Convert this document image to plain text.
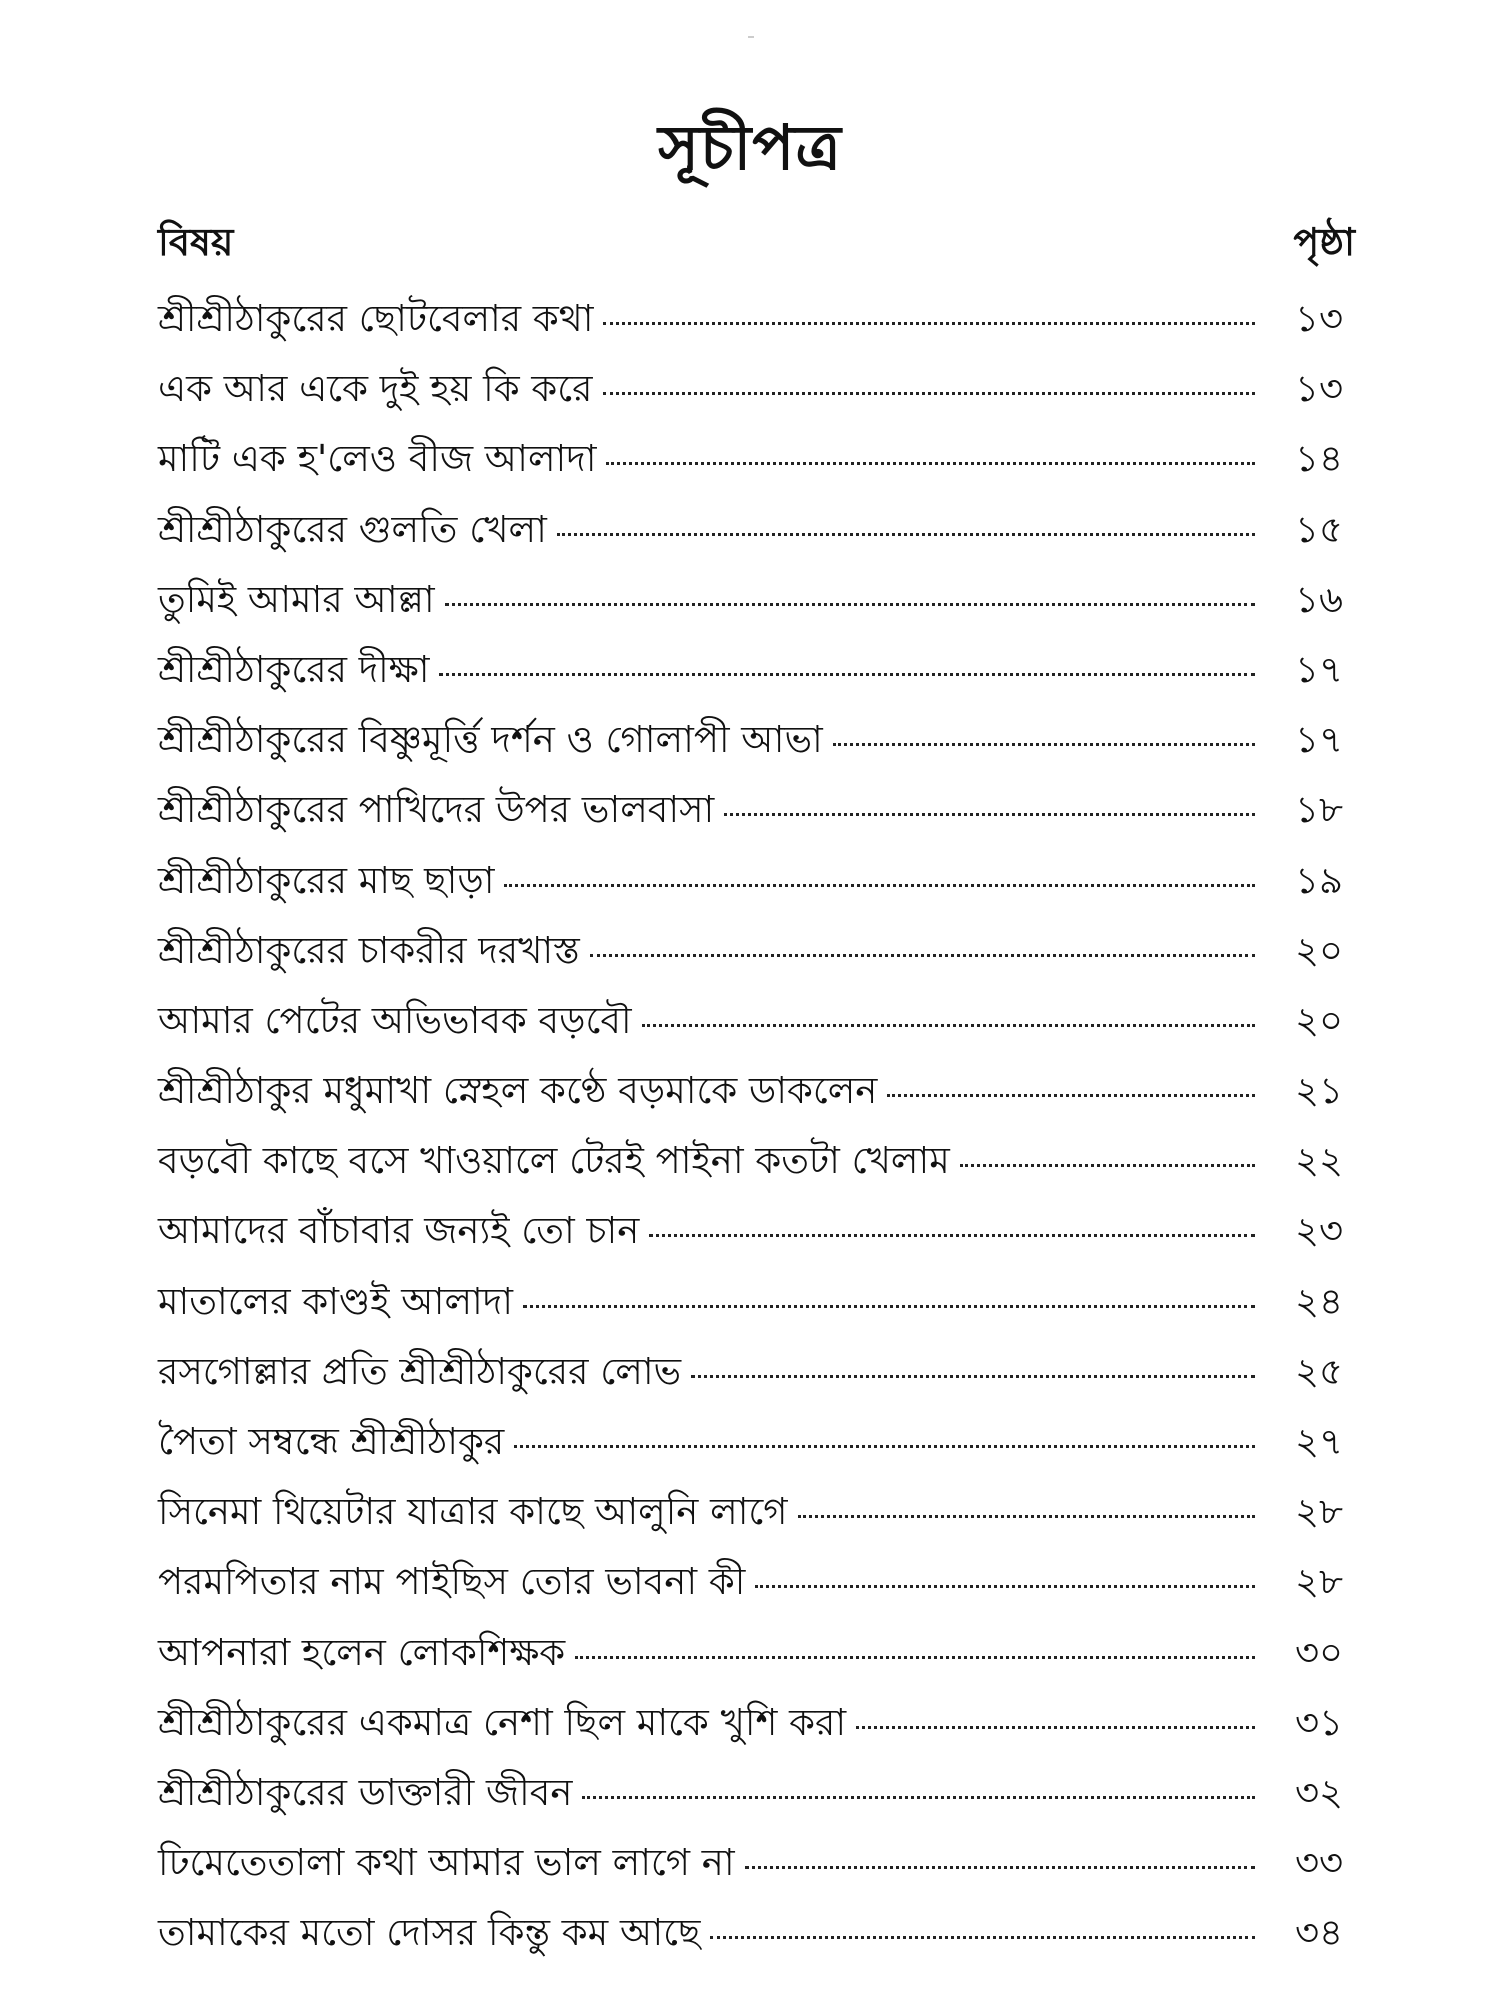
সূচীপত্র
বিষয়	পৃষ্ঠা
শ্রীশ্রীঠাকুরের ছোটবেলার কথা	১৩
এক আর একে দুই হয় কি করে	১৩
মাটি এক হ'লেও বীজ আলাদা	১৪
শ্রীশ্রীঠাকুরের গুলতি খেলা	১৫
তুমিই আমার আল্লা	১৬
শ্রীশ্রীঠাকুরের দীক্ষা	১৭
শ্রীশ্রীঠাকুরের বিষ্ণুমূর্ত্তি দর্শন ও গোলাপী আভা	১৭
শ্রীশ্রীঠাকুরের পাখিদের উপর ভালবাসা	১৮
শ্রীশ্রীঠাকুরের মাছ ছাড়া	১৯
শ্রীশ্রীঠাকুরের চাকরীর দরখাস্ত	২০
আমার পেটের অভিভাবক বড়বৌ	২০
শ্রীশ্রীঠাকুর মধুমাখা স্নেহল কণ্ঠে বড়মাকে ডাকলেন	২১
বড়বৌ কাছে বসে খাওয়ালে টেরই পাইনা কতটা খেলাম	২২
আমাদের বাঁচাবার জন্যই তো চান	২৩
মাতালের কাণ্ডই আলাদা	২৪
রসগোল্লার প্রতি শ্রীশ্রীঠাকুরের লোভ	২৫
পৈতা সম্বন্ধে শ্রীশ্রীঠাকুর	২৭
সিনেমা থিয়েটার যাত্রার কাছে আলুনি লাগে	২৮
পরমপিতার নাম পাইছিস তোর ভাবনা কী	২৮
আপনারা হলেন লোকশিক্ষক	৩০
শ্রীশ্রীঠাকুরের একমাত্র নেশা ছিল মাকে খুশি করা	৩১
শ্রীশ্রীঠাকুরের ডাক্তারী জীবন	৩২
ঢিমেতেতালা কথা আমার ভাল লাগে না	৩৩
তামাকের মতো দোসর কিন্তু কম আছে	৩৪
